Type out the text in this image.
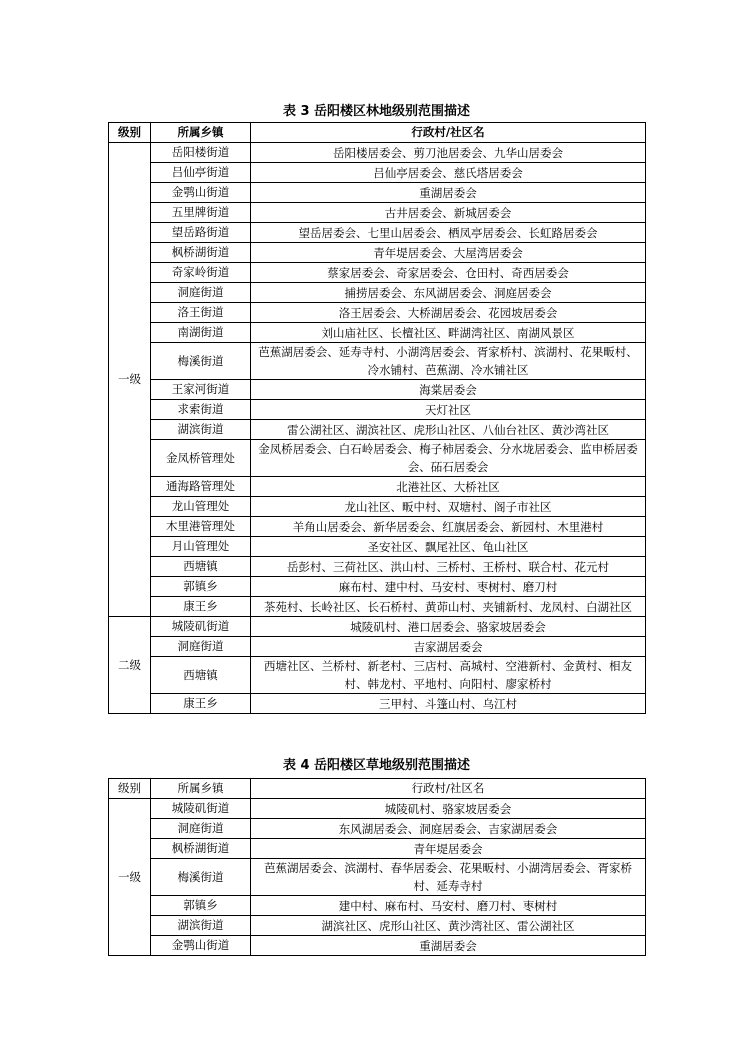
表 3 岳阳楼区林地级别范围描述
级别	所属乡镇	行政村/社区名
一级	岳阳楼街道	岳阳楼居委会、剪刀池居委会、九华山居委会
	吕仙亭街道	吕仙亭居委会、慈氏塔居委会
	金鹗山街道	重湖居委会
	五里牌街道	古井居委会、新城居委会
	望岳路街道	望岳居委会、七里山居委会、栖凤亭居委会、长虹路居委会
	枫桥湖街道	青年堤居委会、大屋湾居委会
	奇家岭街道	蔡家居委会、奇家居委会、仓田村、奇西居委会
	洞庭街道	捕捞居委会、东风湖居委会、洞庭居委会
	洛王街道	洛王居委会、大桥湖居委会、花园坡居委会
	南湖街道	刘山庙社区、长檀社区、畔湖湾社区、南湖风景区
	梅溪街道	芭蕉湖居委会、延寿寺村、小湖湾居委会、胥家桥村、滨湖村、花果畈村、冷水铺村、芭蕉湖、冷水铺社区
	王家河街道	海棠居委会
	求索街道	天灯社区
	湖滨街道	雷公湖社区、湖滨社区、虎形山社区、八仙台社区、黄沙湾社区
	金凤桥管理处	金凤桥居委会、白石岭居委会、梅子柿居委会、分水垅居委会、监申桥居委会、砳石居委会
	通海路管理处	北港社区、大桥社区
	龙山管理处	龙山社区、畈中村、双塘村、阁子市社区
	木里港管理处	羊角山居委会、新华居委会、红旗居委会、新园村、木里港村
	月山管理处	圣安社区、飘尾社区、龟山社区
	西塘镇	岳彭村、三荷社区、洪山村、三桥村、王桥村、联合村、花元村
	郭镇乡	麻布村、建中村、马安村、枣树村、磨刀村
	康王乡	茶苑村、长岭社区、长石桥村、黄茆山村、夹铺新村、龙凤村、白湖社区
二级	城陵矶街道	城陵矶村、港口居委会、骆家坡居委会
	洞庭街道	吉家湖居委会
	西塘镇	西塘社区、兰桥村、新老村、三店村、高城村、空港新村、金黄村、相友村、韩龙村、平地村、向阳村、廖家桥村
	康王乡	三甲村、斗篷山村、乌江村
表 4 岳阳楼区草地级别范围描述
级别	所属乡镇	行政村/社区名
一级	城陵矶街道	城陵矶村、骆家坡居委会
	洞庭街道	东风湖居委会、洞庭居委会、吉家湖居委会
	枫桥湖街道	青年堤居委会
	梅溪街道	芭蕉湖居委会、滨湖村、春华居委会、花果畈村、小湖湾居委会、胥家桥村、延寿寺村
	郭镇乡	建中村、麻布村、马安村、磨刀村、枣树村
	湖滨街道	湖滨社区、虎形山社区、黄沙湾社区、雷公湖社区
	金鹗山街道	重湖居委会
